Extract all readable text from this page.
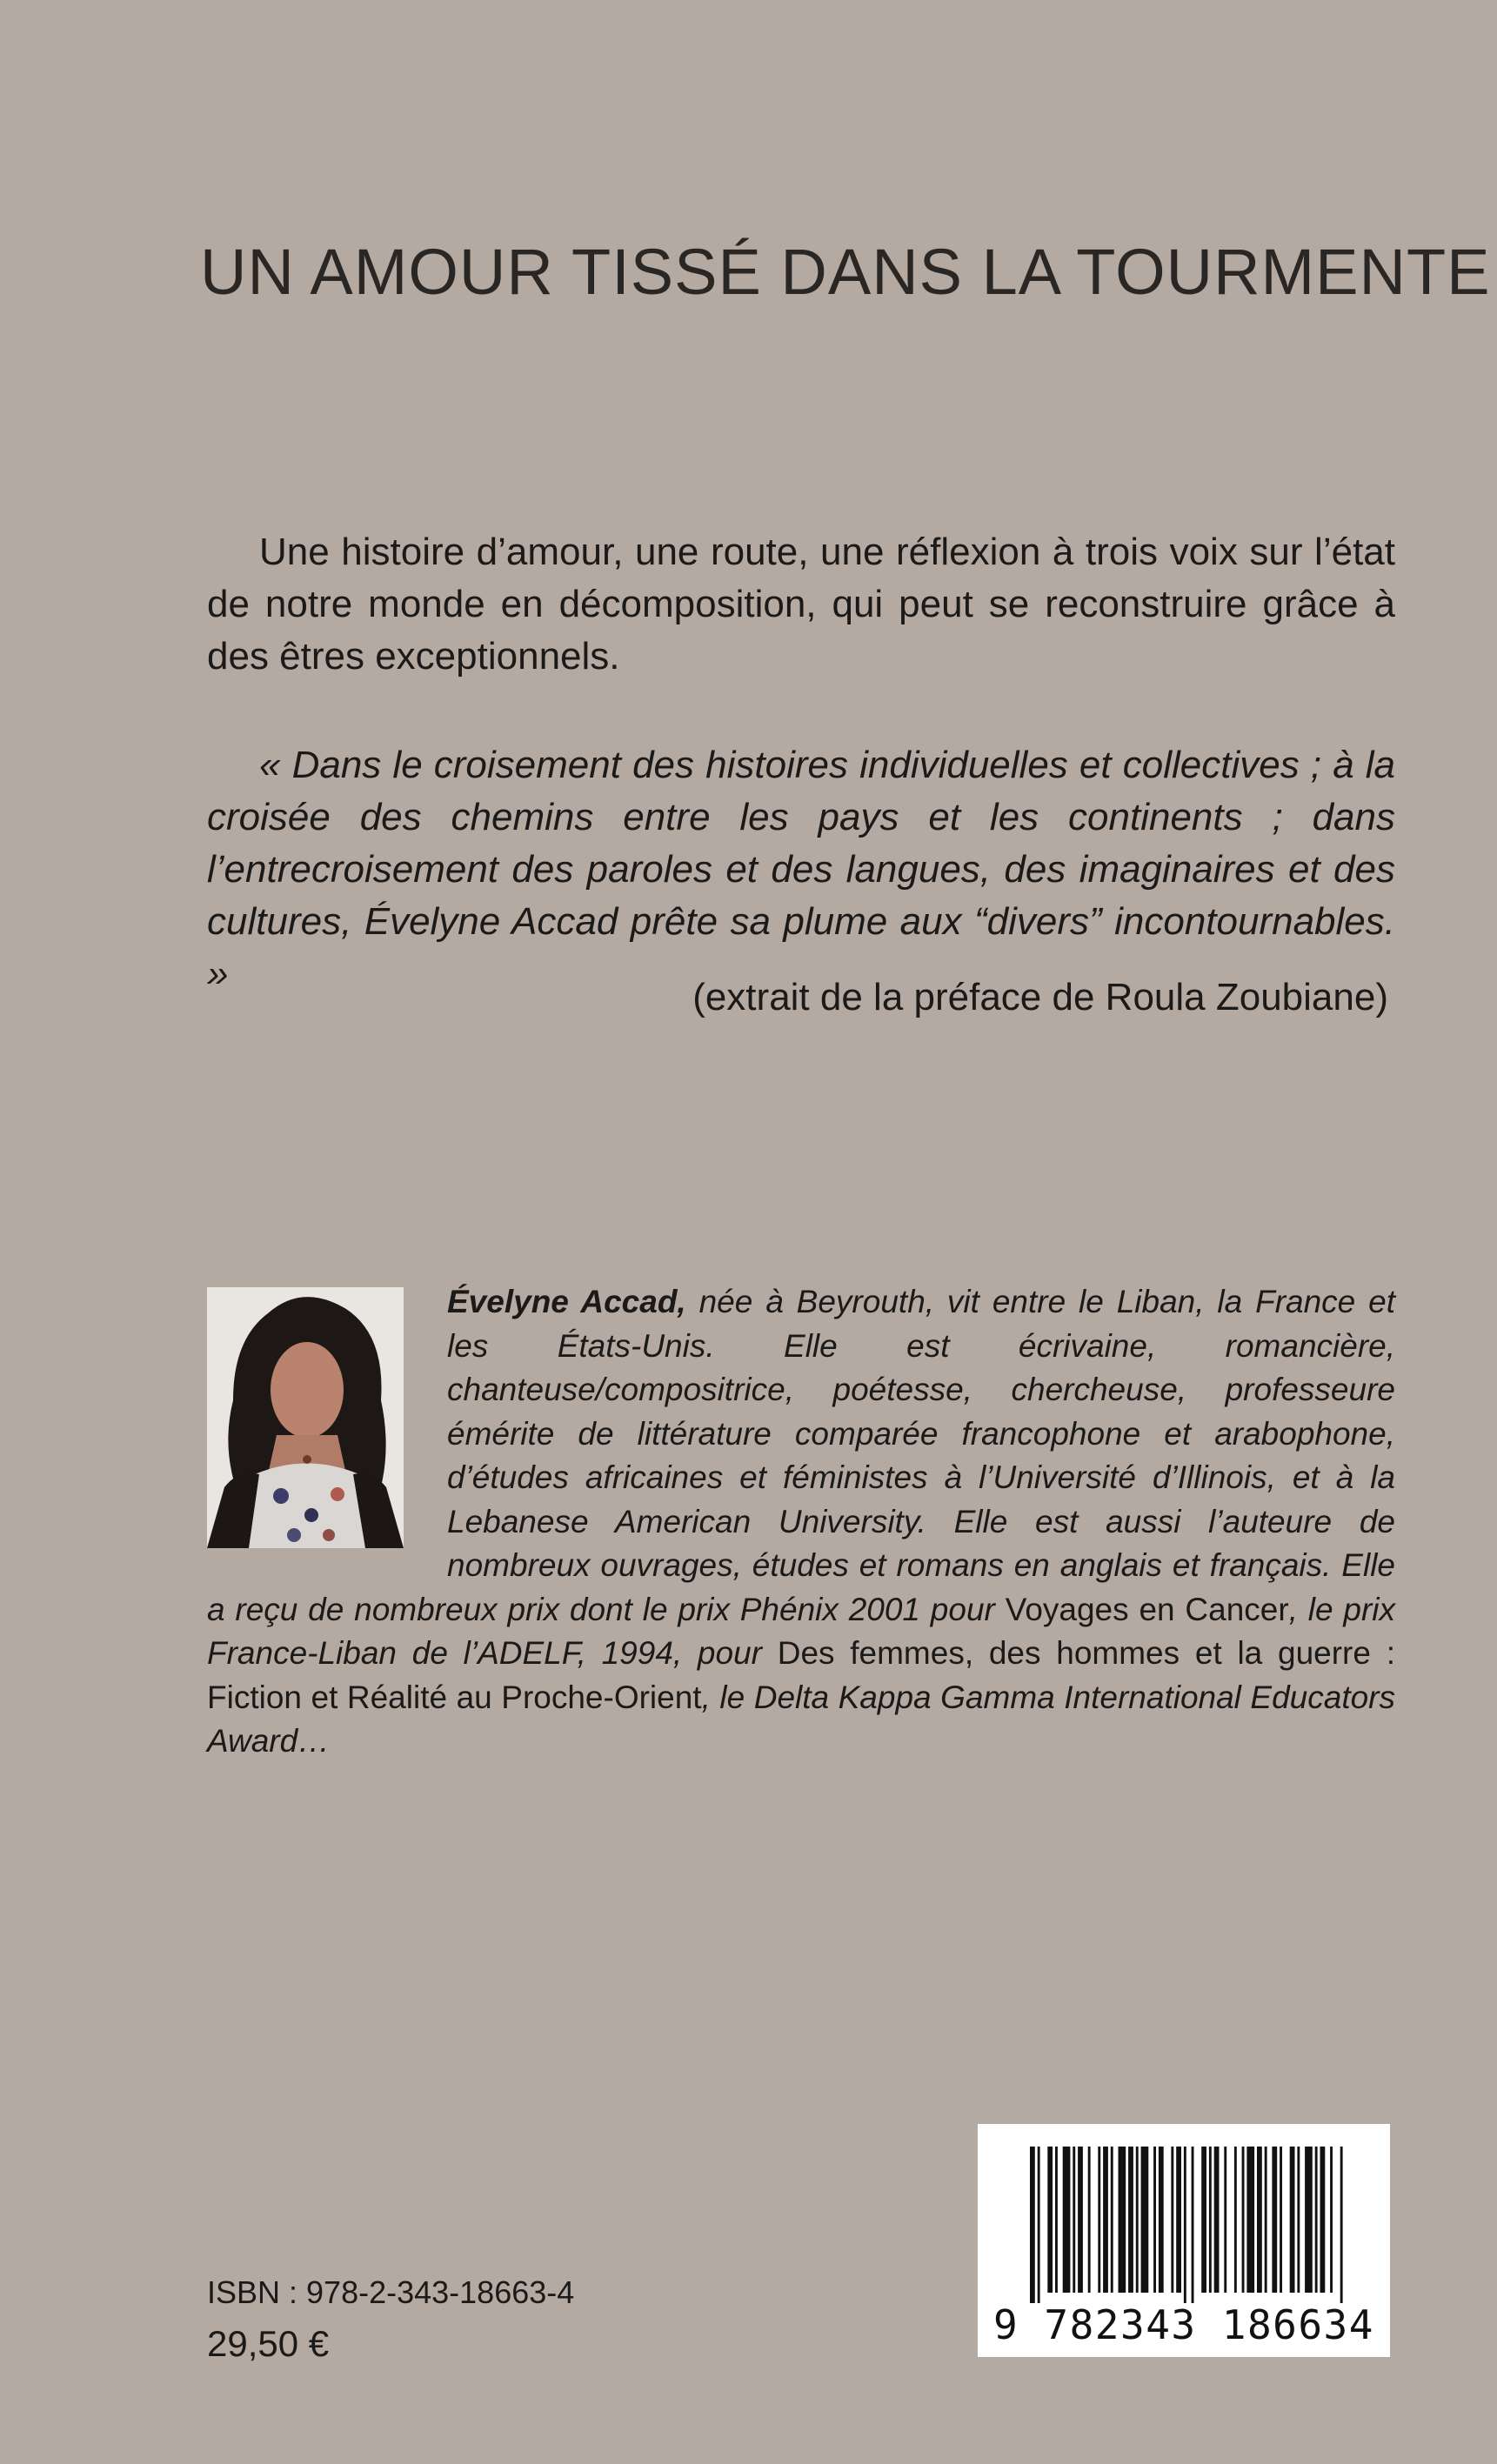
UN AMOUR TISSÉ DANS LA TOURMENTE

Une histoire d’amour, une route, une réflexion à trois voix sur l’état de notre monde en décomposition, qui peut se reconstruire grâce à des êtres exceptionnels.

« Dans le croisement des histoires individuelles et collectives ; à la croisée des chemins entre les pays et les continents ; dans l’entrecroisement des paroles et des langues, des imaginaires et des cultures, Évelyne Accad prête sa plume aux “divers” incontournables. »

(extrait de la préface de Roula Zoubiane)

Évelyne Accad, née à Beyrouth, vit entre le Liban, la France et les États-Unis. Elle est écrivaine, romancière, chanteuse/compositrice, poétesse, chercheuse, professeure émérite de littérature comparée francophone et arabophone, d’études africaines et féministes à l’Université d’Illinois, et à la Lebanese American University. Elle est aussi l’auteure de nombreux ouvrages, études et romans en anglais et français. Elle a reçu de nombreux prix dont le prix Phénix 2001 pour Voyages en Cancer, le prix France-Liban de l’ADELF, 1994, pour Des femmes, des hommes et la guerre : Fiction et Réalité au Proche-Orient, le Delta Kappa Gamma International Educators Award…

ISBN : 978-2-343-18663-4
29,50 €	9 782343 186634
